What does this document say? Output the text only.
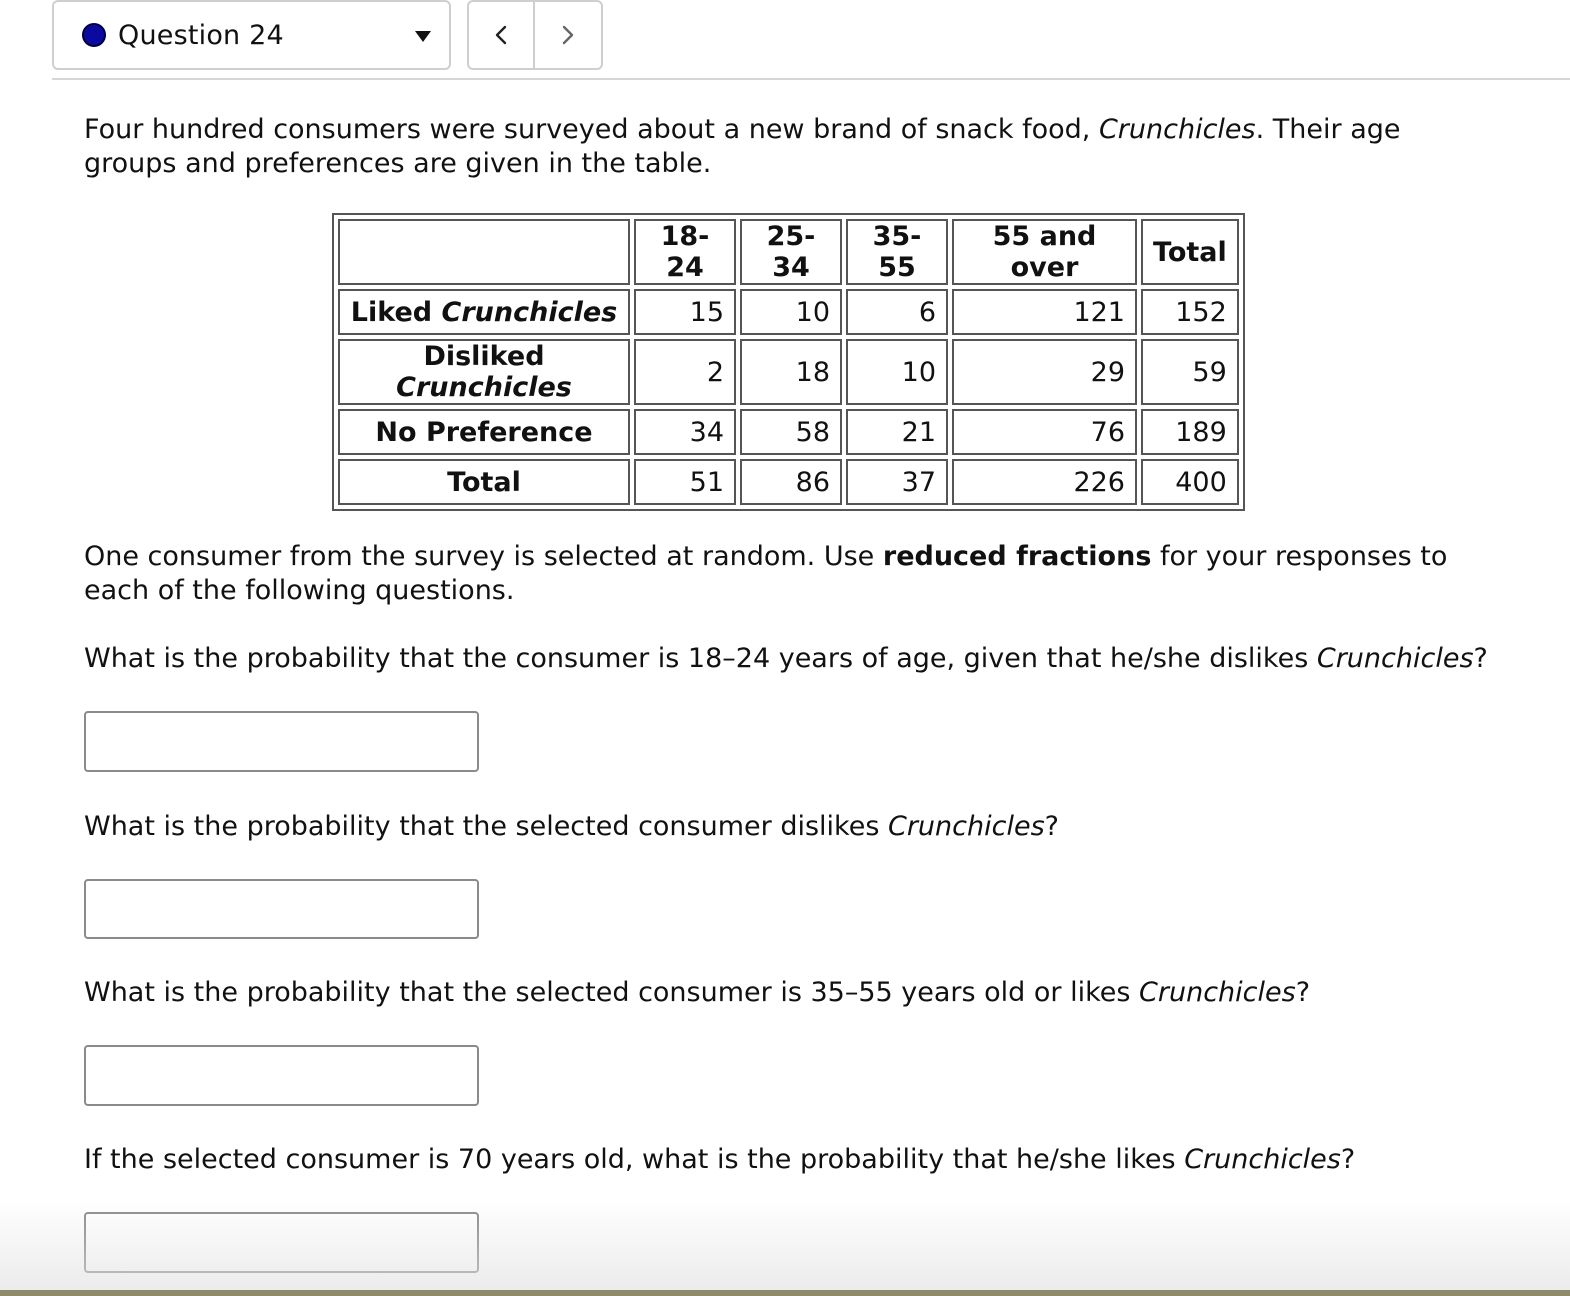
Question 24
Four hundred consumers were surveyed about a new brand of snack food, Crunchicles. Their age groups and preferences are given in the table.
	18-24	25-34	35-55	55 and over	Total
Liked Crunchicles	15	10	6	121	152
Disliked Crunchicles	2	18	10	29	59
No Preference	34	58	21	76	189
Total	51	86	37	226	400
One consumer from the survey is selected at random. Use reduced fractions for your responses to each of the following questions.
What is the probability that the consumer is 18–24 years of age, given that he/she dislikes Crunchicles?
What is the probability that the selected consumer dislikes Crunchicles?
What is the probability that the selected consumer is 35–55 years old or likes Crunchicles?
If the selected consumer is 70 years old, what is the probability that he/she likes Crunchicles?
